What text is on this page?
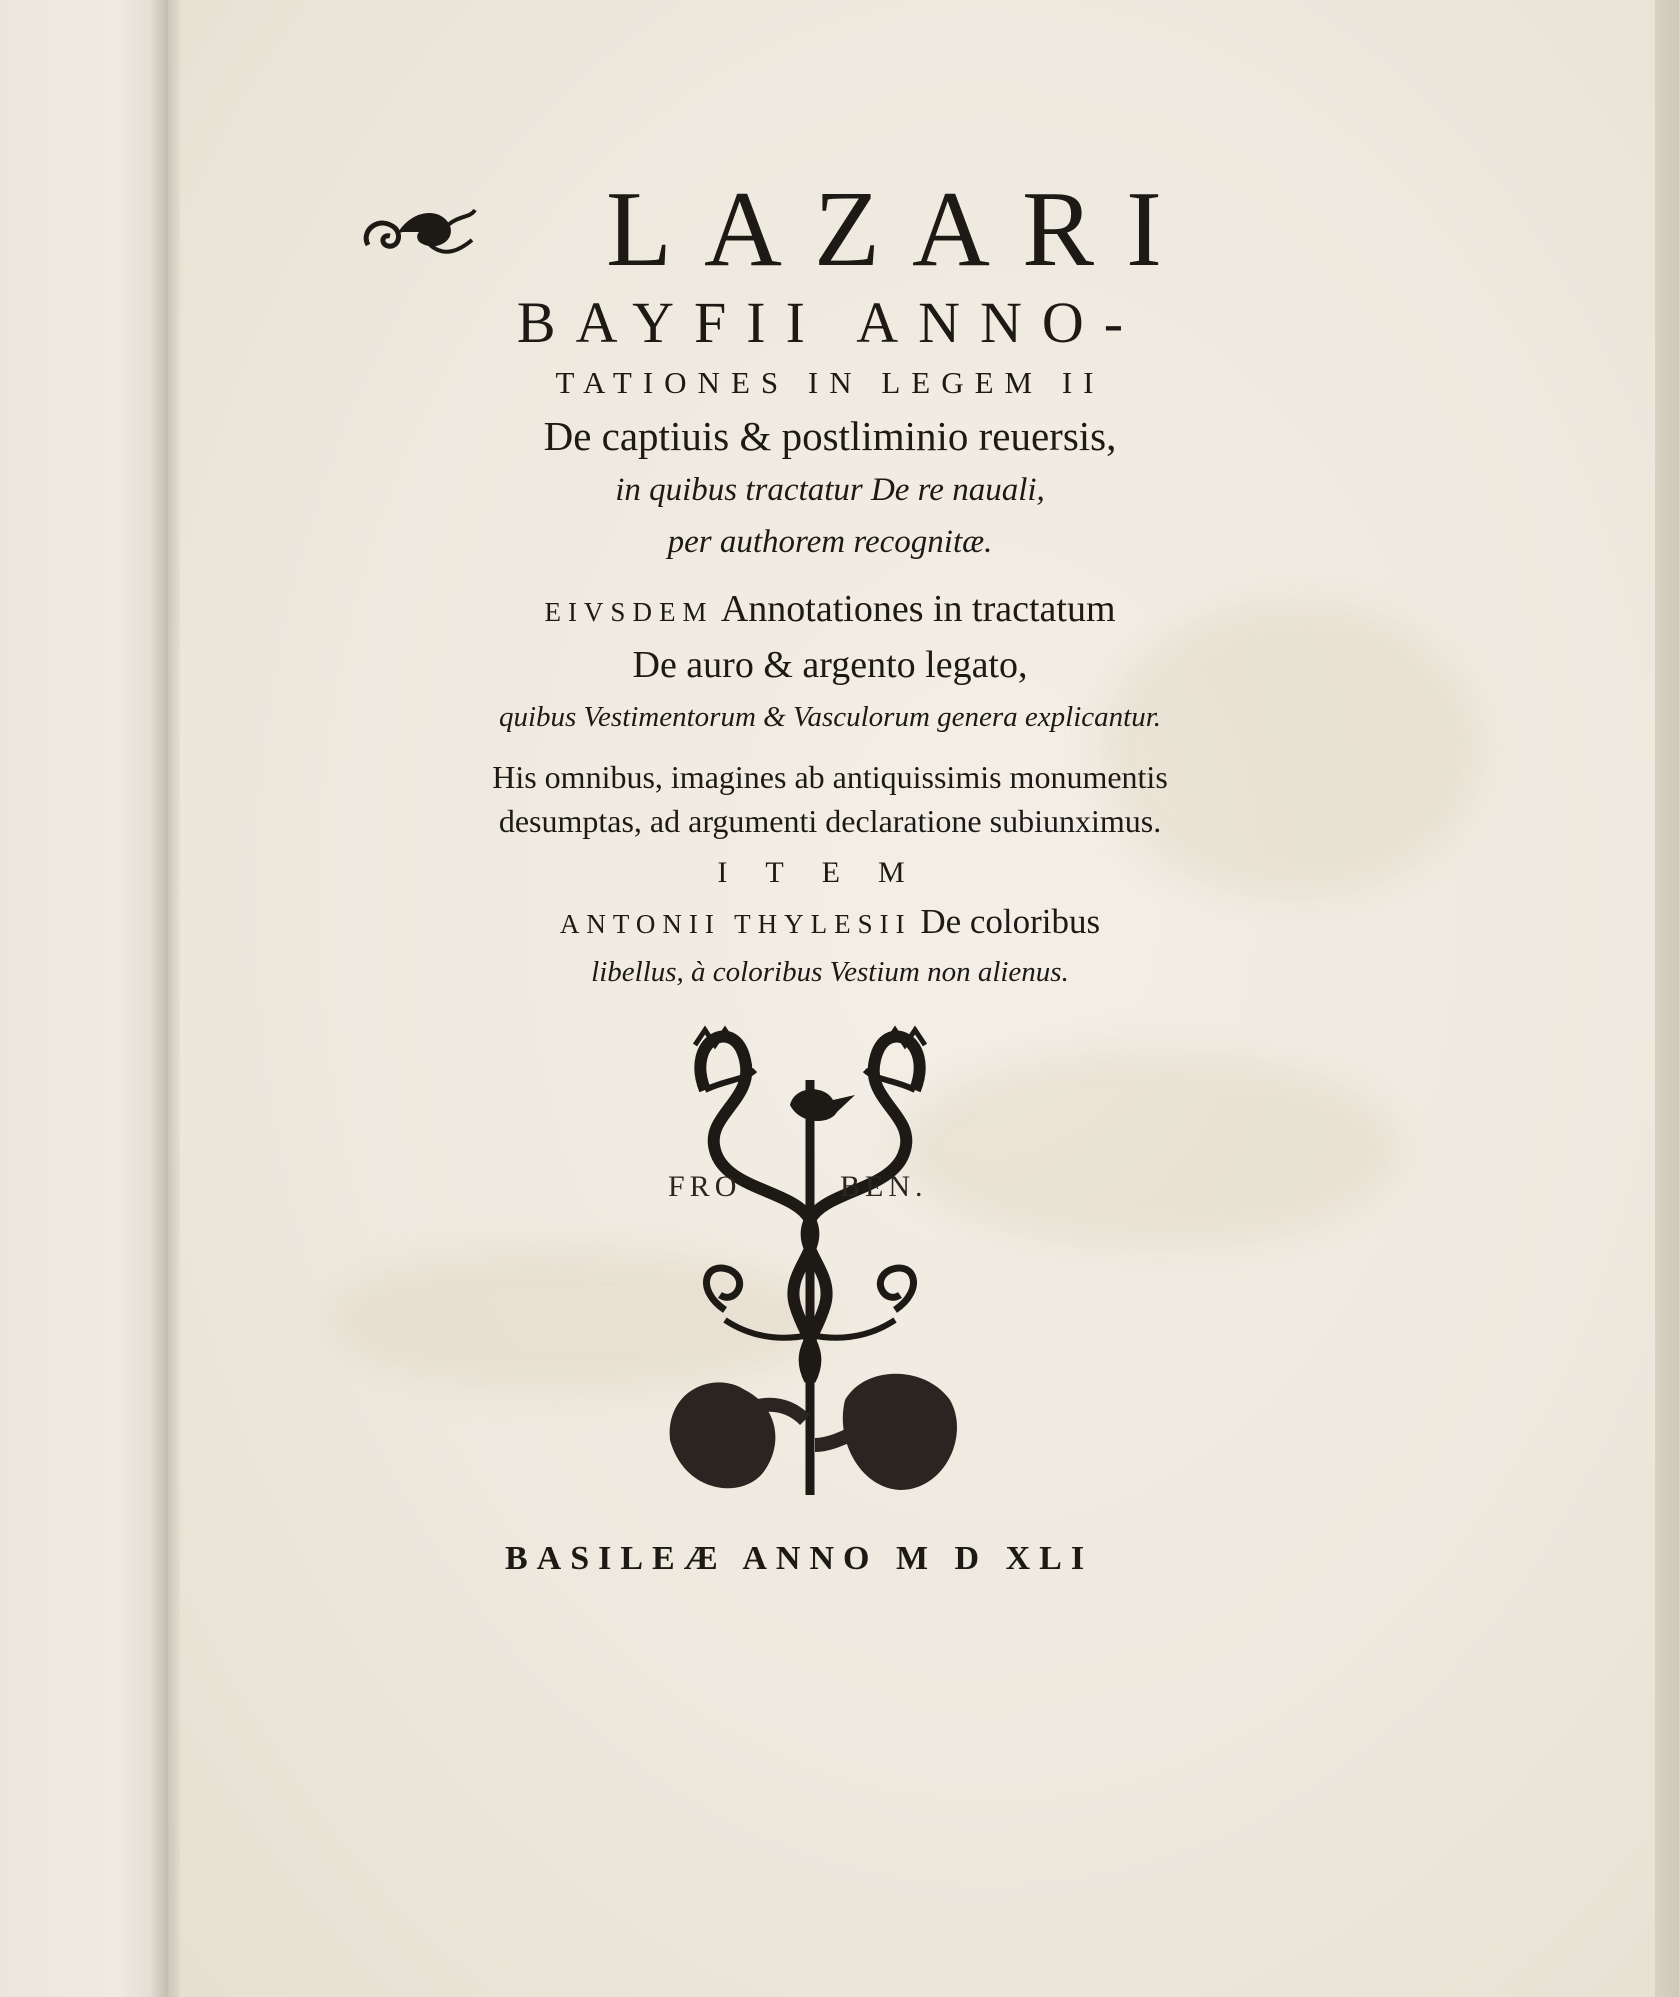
LAZARI
BAYFII ANNO-
TATIONES IN LEGEM II
De captiuis & postliminio reuersis,
in quibus tractatur De re nauali,
per authorem recognitæ.
EIVSDEM Annotationes in tractatum
De auro & argento legato,
quibus Vestimentorum & Vasculorum genera explicantur.
His omnibus, imagines ab antiquissimis monumentis
desumptas, ad argumenti declaratione subiunximus.
ITEM
ANTONII THYLESII De coloribus
libellus, à coloribus Vestium non alienus.
FRO	BEN.
BASILEÆ ANNO M D XLI
